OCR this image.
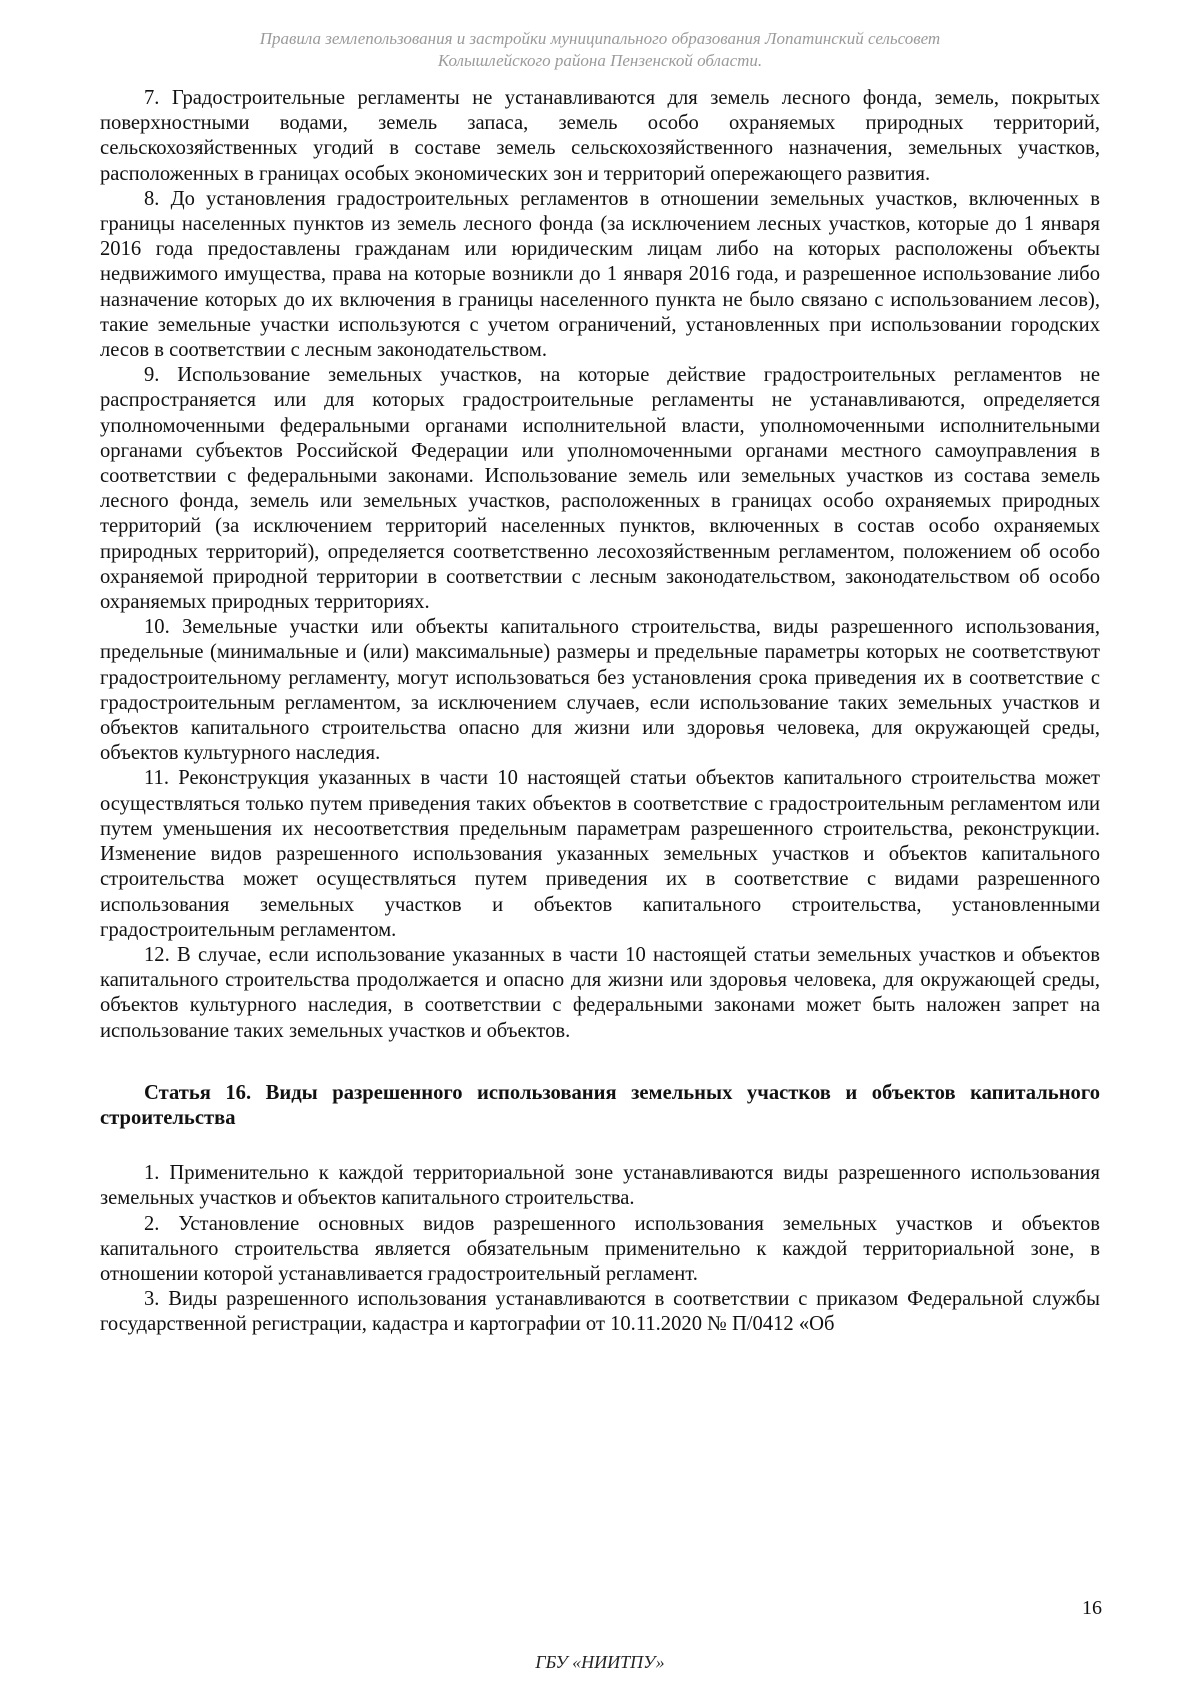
Правила землепользования и застройки муниципального образования Лопатинский сельсовет
Колышлейского района Пензенской области.

7. Градостроительные регламенты не устанавливаются для земель лесного фонда, земель, покрытых поверхностными водами, земель запаса, земель особо охраняемых природных территорий, сельскохозяйственных угодий в составе земель сельскохозяйственного назначения, земельных участков, расположенных в границах особых экономических зон и территорий опережающего развития.

8. До установления градостроительных регламентов в отношении земельных участков, включенных в границы населенных пунктов из земель лесного фонда (за исключением лесных участков, которые до 1 января 2016 года предоставлены гражданам или юридическим лицам либо на которых расположены объекты недвижимого имущества, права на которые возникли до 1 января 2016 года, и разрешенное использование либо назначение которых до их включения в границы населенного пункта не было связано с использованием лесов), такие земельные участки используются с учетом ограничений, установленных при использовании городских лесов в соответствии с лесным законодательством.

9. Использование земельных участков, на которые действие градостроительных регламентов не распространяется или для которых градостроительные регламенты не устанавливаются, определяется уполномоченными федеральными органами исполнительной власти, уполномоченными исполнительными органами субъектов Российской Федерации или уполномоченными органами местного самоуправления в соответствии с федеральными законами. Использование земель или земельных участков из состава земель лесного фонда, земель или земельных участков, расположенных в границах особо охраняемых природных территорий (за исключением территорий населенных пунктов, включенных в состав особо охраняемых природных территорий), определяется соответственно лесохозяйственным регламентом, положением об особо охраняемой природной территории в соответствии с лесным законодательством, законодательством об особо охраняемых природных территориях.

10. Земельные участки или объекты капитального строительства, виды разрешенного использования, предельные (минимальные и (или) максимальные) размеры и предельные параметры которых не соответствуют градостроительному регламенту, могут использоваться без установления срока приведения их в соответствие с градостроительным регламентом, за исключением случаев, если использование таких земельных участков и объектов капитального строительства опасно для жизни или здоровья человека, для окружающей среды, объектов культурного наследия.

11. Реконструкция указанных в части 10 настоящей статьи объектов капитального строительства может осуществляться только путем приведения таких объектов в соответствие с градостроительным регламентом или путем уменьшения их несоответствия предельным параметрам разрешенного строительства, реконструкции. Изменение видов разрешенного использования указанных земельных участков и объектов капитального строительства может осуществляться путем приведения их в соответствие с видами разрешенного использования земельных участков и объектов капитального строительства, установленными градостроительным регламентом.

12. В случае, если использование указанных в части 10 настоящей статьи земельных участков и объектов капитального строительства продолжается и опасно для жизни или здоровья человека, для окружающей среды, объектов культурного наследия, в соответствии с федеральными законами может быть наложен запрет на использование таких земельных участков и объектов.

Статья 16. Виды разрешенного использования земельных участков и объектов капитального строительства

1. Применительно к каждой территориальной зоне устанавливаются виды разрешенного использования земельных участков и объектов капитального строительства.

2. Установление основных видов разрешенного использования земельных участков и объектов капитального строительства является обязательным применительно к каждой территориальной зоне, в отношении которой устанавливается градостроительный регламент.

3. Виды разрешенного использования устанавливаются в соответствии с приказом Федеральной службы государственной регистрации, кадастра и картографии от 10.11.2020 № П/0412 «Об

16
ГБУ «НИИТПУ»
